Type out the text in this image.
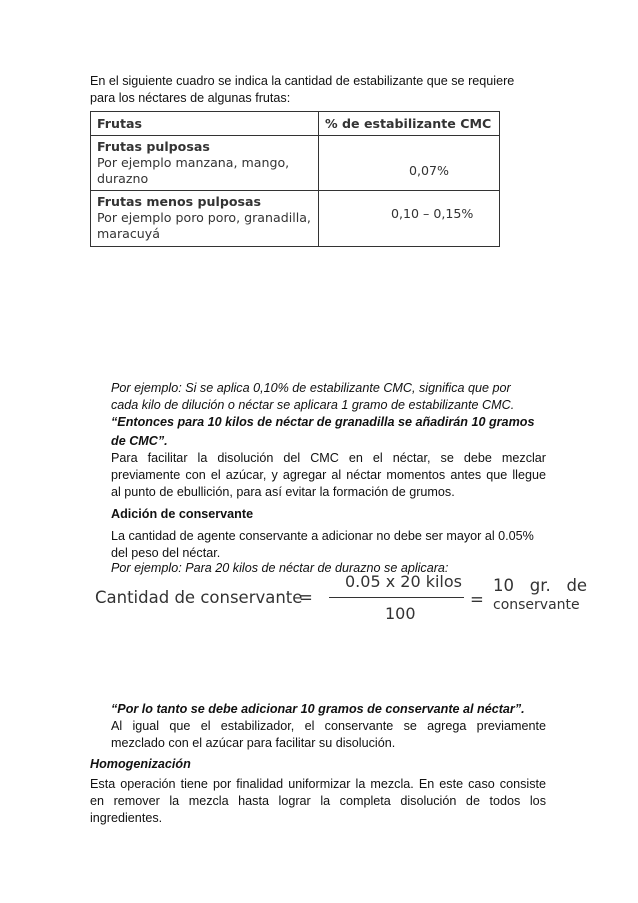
En el siguiente cuadro se indica la cantidad de estabilizante que se requiere

para los néctares de algunas frutas:

Frutas	% de estabilizante CMC
Frutas pulposas
Por ejemplo manzana, mango,
durazno
0,07%
Frutas menos pulposas
Por ejemplo poro poro, granadilla,
maracuyá
0,10 – 0,15%

Por ejemplo: Si se aplica 0,10% de estabilizante CMC, significa que por

cada kilo de dilución o néctar se aplicara 1 gramo de estabilizante CMC.

“Entonces para 10 kilos de néctar de granadilla se añadirán 10 gramos

de CMC”.

Para facilitar la disolución del CMC en el néctar, se debe mezclar

previamente con el azúcar, y agregar al néctar momentos antes que llegue

al punto de ebullición, para así evitar la formación de grumos.

Adición de conservante

La cantidad de agente conservante a adicionar no debe ser mayor al 0.05%

del peso del néctar.

Por ejemplo: Para 20 kilos de néctar de durazno se aplicara:

Cantidad de conservante
=
0.05 x 20 kilos
100
=
10   gr.   de
conservante

“Por lo tanto se debe adicionar 10 gramos de conservante al néctar”.

Al igual que el estabilizador, el conservante se agrega previamente

mezclado con el azúcar para facilitar su disolución.

Homogenización

Esta operación tiene por finalidad uniformizar la mezcla. En este caso consiste

en remover la mezcla hasta lograr la completa disolución de todos los

ingredientes.
